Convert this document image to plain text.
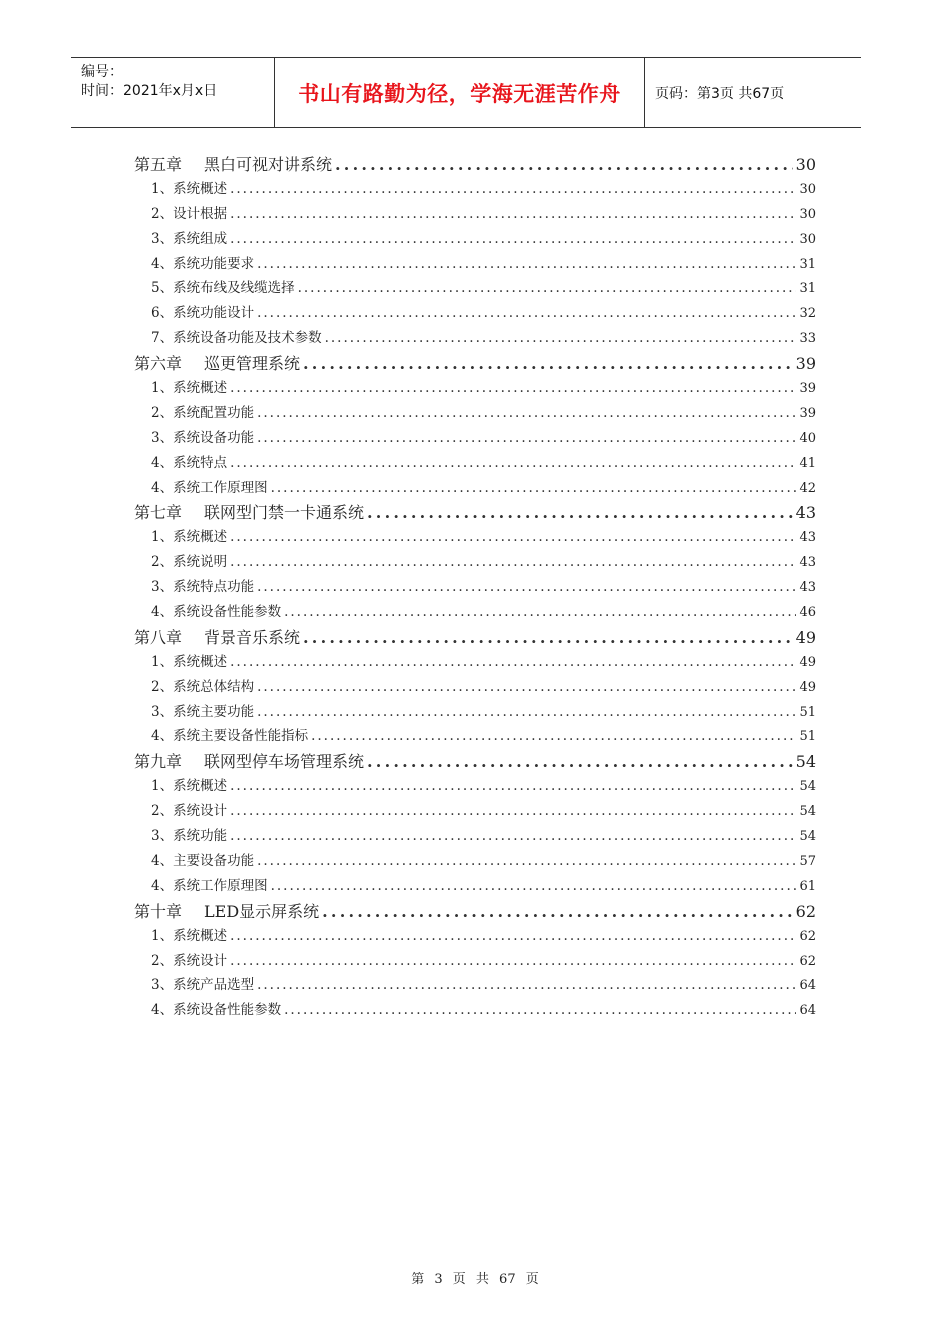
编号：
时间：2021年x月x日	书山有路勤为径，学海无涯苦作舟	页码：第3页 共67页
第五章 黑白可视对讲系统 .....	30
1、系统概述 .....	30
2、设计根据 .....	30
3、系统组成 .....	30
4、系统功能要求 .....	31
5、系统布线及线缆选择 .....	31
6、系统功能设计 .....	32
7、系统设备功能及技术参数 .....	33
第六章 巡更管理系统 .....	39
1、系统概述 .....	39
2、系统配置功能 .....	39
3、系统设备功能 .....	40
4、系统特点 .....	41
4、系统工作原理图 .....	42
第七章 联网型门禁一卡通系统 .....	43
1、系统概述 .....	43
2、系统说明 .....	43
3、系统特点功能 .....	43
4、系统设备性能参数 .....	46
第八章 背景音乐系统 .....	49
1、系统概述 .....	49
2、系统总体结构 .....	49
3、系统主要功能 .....	51
4、系统主要设备性能指标 .....	51
第九章 联网型停车场管理系统 .....	54
1、系统概述 .....	54
2、系统设计 .....	54
3、系统功能 .....	54
4、主要设备功能 .....	57
4、系统工作原理图 .....	61
第十章 LED显示屏系统 .....	62
1、系统概述 .....	62
2、系统设计 .....	62
3、系统产品选型 .....	64
4、系统设备性能参数 .....	64
第 3 页 共 67 页
